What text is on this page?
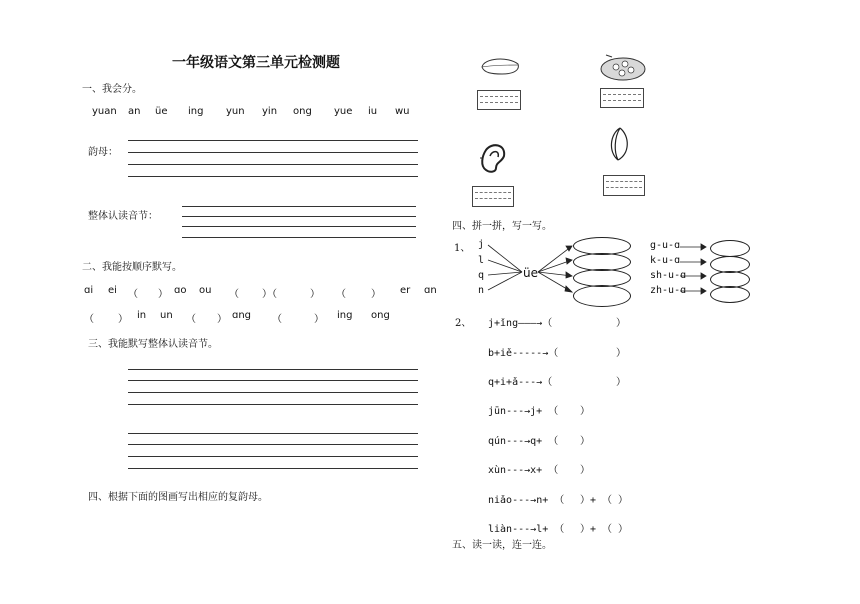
一年级语文第三单元检测题
一、我会分。
yuan an üe ing yun yin ong yue iu wu
韵母：
整体认读音节：
二、我能按顺序默写。
ɑi ei （ ） ɑo ou （ ）（	） （	） er ɑn
（ ） in un （ ） ɑng （	） ing ong
三、我能默写整体认读音节。
四、根据下面的图画写出相应的复韵母。
四、拼一拼，写一写。
1、 j
l
q
n
üe
g-u-ɑ
k-u-ɑ
sh-u-ɑ
zh-u-ɑ
2、 j+ǐng———→（	）
b+iě-----→（	）
q+i+ǎ---→（	）
jūn---→j+ （ ）
qún---→q+ （ ）
xùn---→x+ （ ）
niǎo---→n+ （ ）+ （ ）
liàn---→l+ （ ）+ （ ）
五、读一读，连一连。
